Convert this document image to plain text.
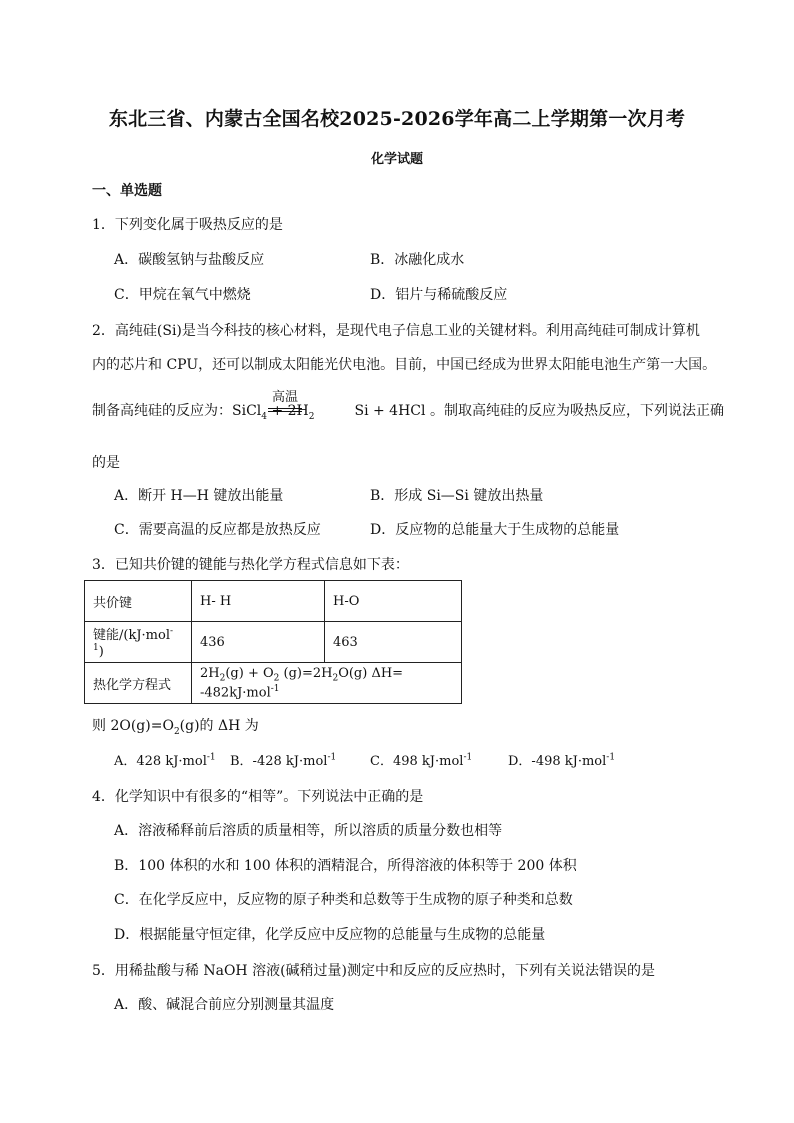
东北三省、内蒙古全国名校2025-2026学年高二上学期第一次月考
化学试题
一、单选题
1．下列变化属于吸热反应的是
A．碳酸氢钠与盐酸反应	B．冰融化成水
C．甲烷在氧气中燃烧	D．铝片与稀硫酸反应
2．高纯硅(Si)是当今科技的核心材料，是现代电子信息工业的关键材料。利用高纯硅可制成计算机
内的芯片和 CPU，还可以制成太阳能光伏电池。目前，中国已经成为世界太阳能电池生产第一大国。
制备高纯硅的反应为：SiCl$_4$ + $2H_2$	Si + 4HCl 。制取高纯硅的反应为吸热反应，下列说法正确
高温
的是
A．断开 H—H 键放出能量	B．形成 Si—Si 键放出热量
C．需要高温的反应都是放热反应	D．反应物的总能量大于生成物的总能量
3．已知共价键的键能与热化学方程式信息如下表：
共价键	H- H	H-O
键能/(kJ·mol$^{-1}$)	436	463
热化学方程式	$2H_2(g) + O_2$ $(g)=2H_2O(g)$ ΔH= -482kJ·mol$^{-1}$
则 $2O(g)=O_2(g)$的 ΔH 为
A．428 kJ·mol$^{-1}$ B．-428 kJ·mol$^{-1}$	C．498 kJ·mol$^{-1}$	D．-498 kJ·mol$^{-1}$
4．化学知识中有很多的“相等”。下列说法中正确的是
A．溶液稀释前后溶质的质量相等，所以溶质的质量分数也相等
B．100 体积的水和 100 体积的酒精混合，所得溶液的体积等于 200 体积
C．在化学反应中，反应物的原子种类和总数等于生成物的原子种类和总数
D．根据能量守恒定律，化学反应中反应物的总能量与生成物的总能量
5．用稀盐酸与稀 NaOH 溶液(碱稍过量)测定中和反应的反应热时，下列有关说法错误的是
A．酸、碱混合前应分别测量其温度
